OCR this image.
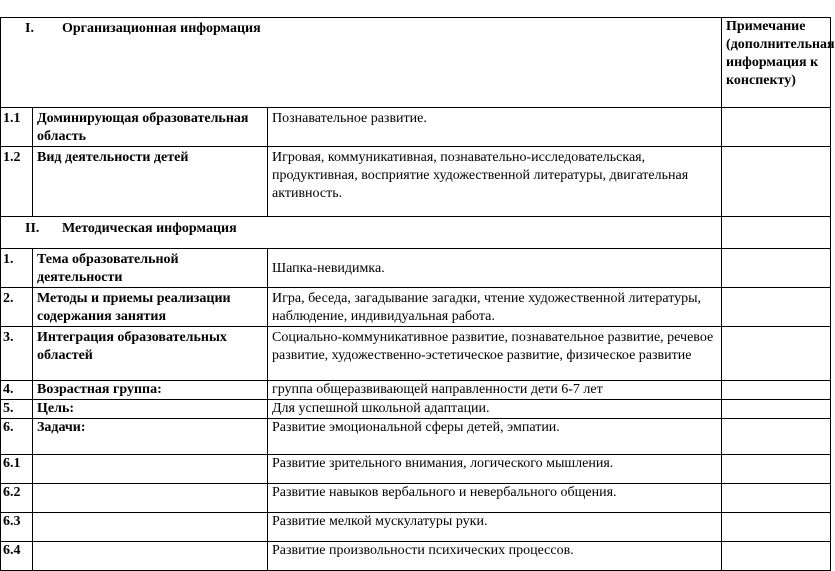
I. Организационная информация			Примечание (дополнительная информация к конспекту)
1.1	Доминирующая образовательная область	Познавательное развитие.	
1.2	Вид деятельности детей	Игровая, коммуникативная, познавательно-исследовательская, продуктивная, восприятие художественной литературы, двигательная активность.	
II. Методическая информация			
1.	Тема образовательной деятельности	Шапка-невидимка.	
2.	Методы и приемы реализации содержания занятия	Игра, беседа, загадывание загадки, чтение художественной литературы, наблюдение, индивидуальная работа.	
3.	Интеграция образовательных областей	Социально-коммуникативное развитие, познавательное развитие, речевое развитие, художественно-эстетическое развитие, физическое развитие	
4.	Возрастная группа:	группа общеразвивающей направленности дети 6-7 лет	
5.	Цель:	Для успешной школьной адаптации.	
6.	Задачи:	Развитие эмоциональной сферы детей, эмпатии.	
6.1		Развитие зрительного внимания, логического мышления.	
6.2		Развитие навыков вербального и невербального общения.	
6.3		Развитие мелкой мускулатуры руки.	
6.4		Развитие произвольности психических процессов.	
